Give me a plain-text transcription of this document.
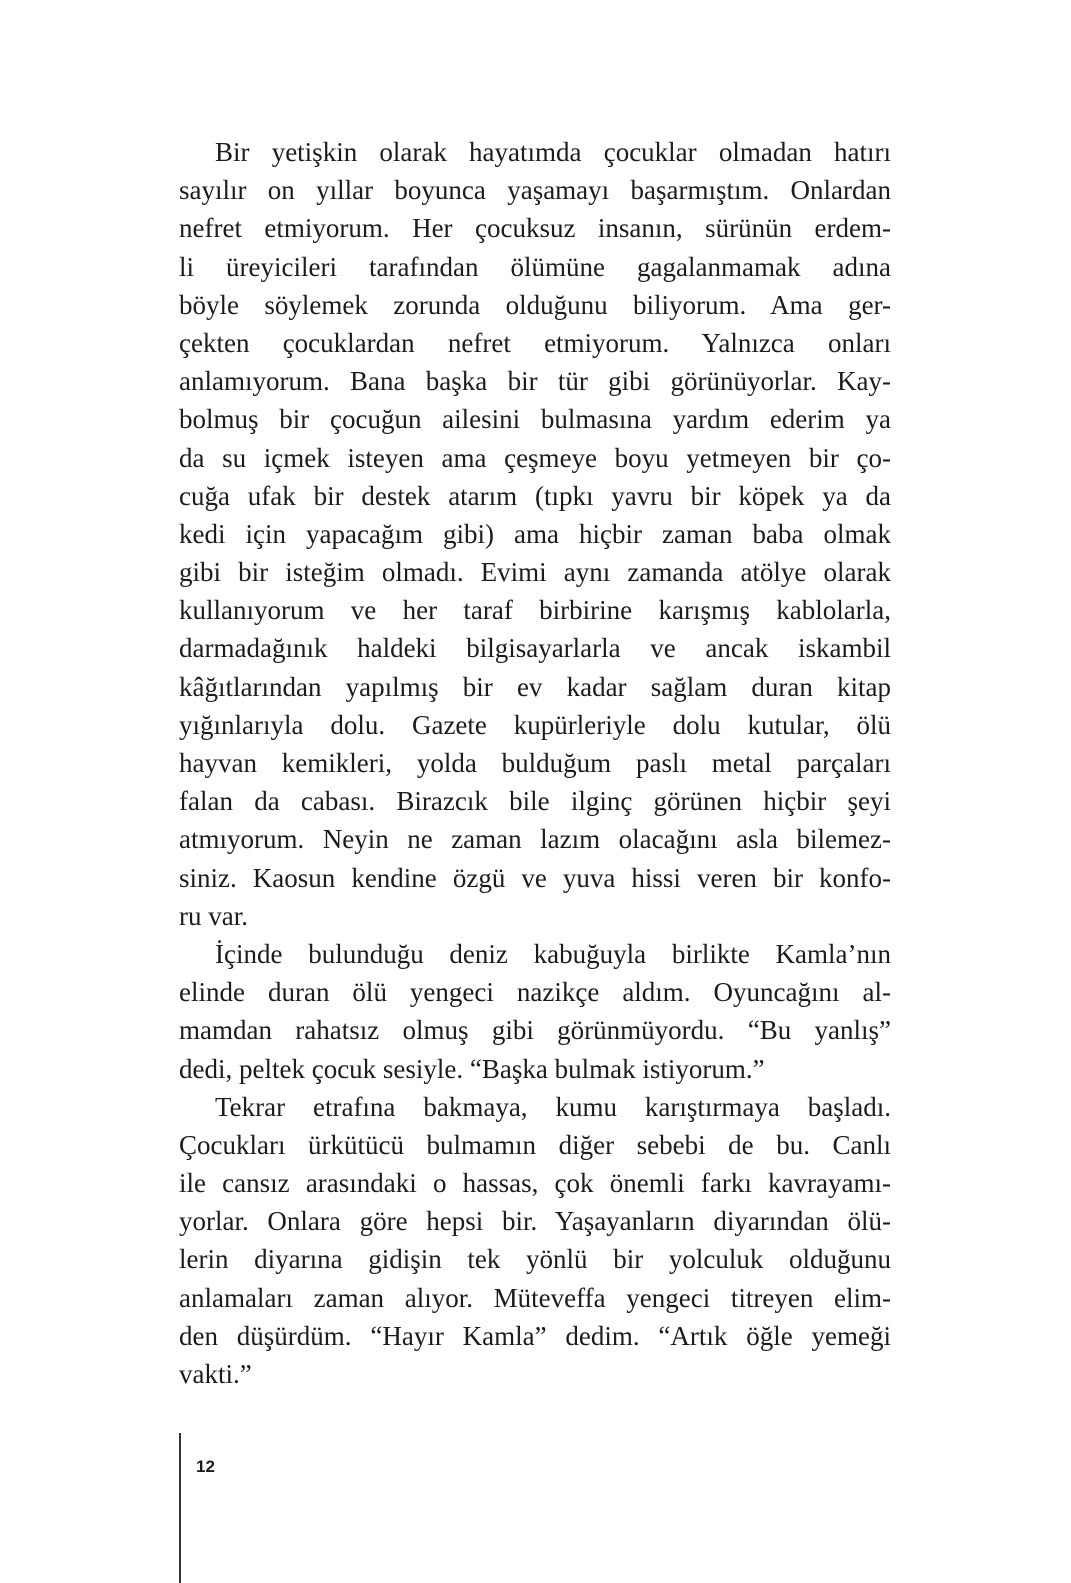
Bir yetişkin olarak hayatımda çocuklar olmadan hatırı
sayılır on yıllar boyunca yaşamayı başarmıştım. Onlardan
nefret etmiyorum. Her çocuksuz insanın, sürünün erdem-
li üreyicileri tarafından ölümüne gagalanmamak adına
böyle söylemek zorunda olduğunu biliyorum. Ama ger-
çekten çocuklardan nefret etmiyorum. Yalnızca onları
anlamıyorum. Bana başka bir tür gibi görünüyorlar. Kay-
bolmuş bir çocuğun ailesini bulmasına yardım ederim ya
da su içmek isteyen ama çeşmeye boyu yetmeyen bir ço-
cuğa ufak bir destek atarım (tıpkı yavru bir köpek ya da
kedi için yapacağım gibi) ama hiçbir zaman baba olmak
gibi bir isteğim olmadı. Evimi aynı zamanda atölye olarak
kullanıyorum ve her taraf birbirine karışmış kablolarla,
darmadağınık haldeki bilgisayarlarla ve ancak iskambil
kâğıtlarından yapılmış bir ev kadar sağlam duran kitap
yığınlarıyla dolu. Gazete kupürleriyle dolu kutular, ölü
hayvan kemikleri, yolda bulduğum paslı metal parçaları
falan da cabası. Birazcık bile ilginç görünen hiçbir şeyi
atmıyorum. Neyin ne zaman lazım olacağını asla bilemez-
siniz. Kaosun kendine özgü ve yuva hissi veren bir konfo-
ru var.
İçinde bulunduğu deniz kabuğuyla birlikte Kamla’nın
elinde duran ölü yengeci nazikçe aldım. Oyuncağını al-
mamdan rahatsız olmuş gibi görünmüyordu. “Bu yanlış”
dedi, peltek çocuk sesiyle. “Başka bulmak istiyorum.”
Tekrar etrafına bakmaya, kumu karıştırmaya başladı.
Çocukları ürkütücü bulmamın diğer sebebi de bu. Canlı
ile cansız arasındaki o hassas, çok önemli farkı kavrayamı-
yorlar. Onlara göre hepsi bir. Yaşayanların diyarından ölü-
lerin diyarına gidişin tek yönlü bir yolculuk olduğunu
anlamaları zaman alıyor. Müteveffa yengeci titreyen elim-
den düşürdüm. “Hayır Kamla” dedim. “Artık öğle yemeği
vakti.”
12
